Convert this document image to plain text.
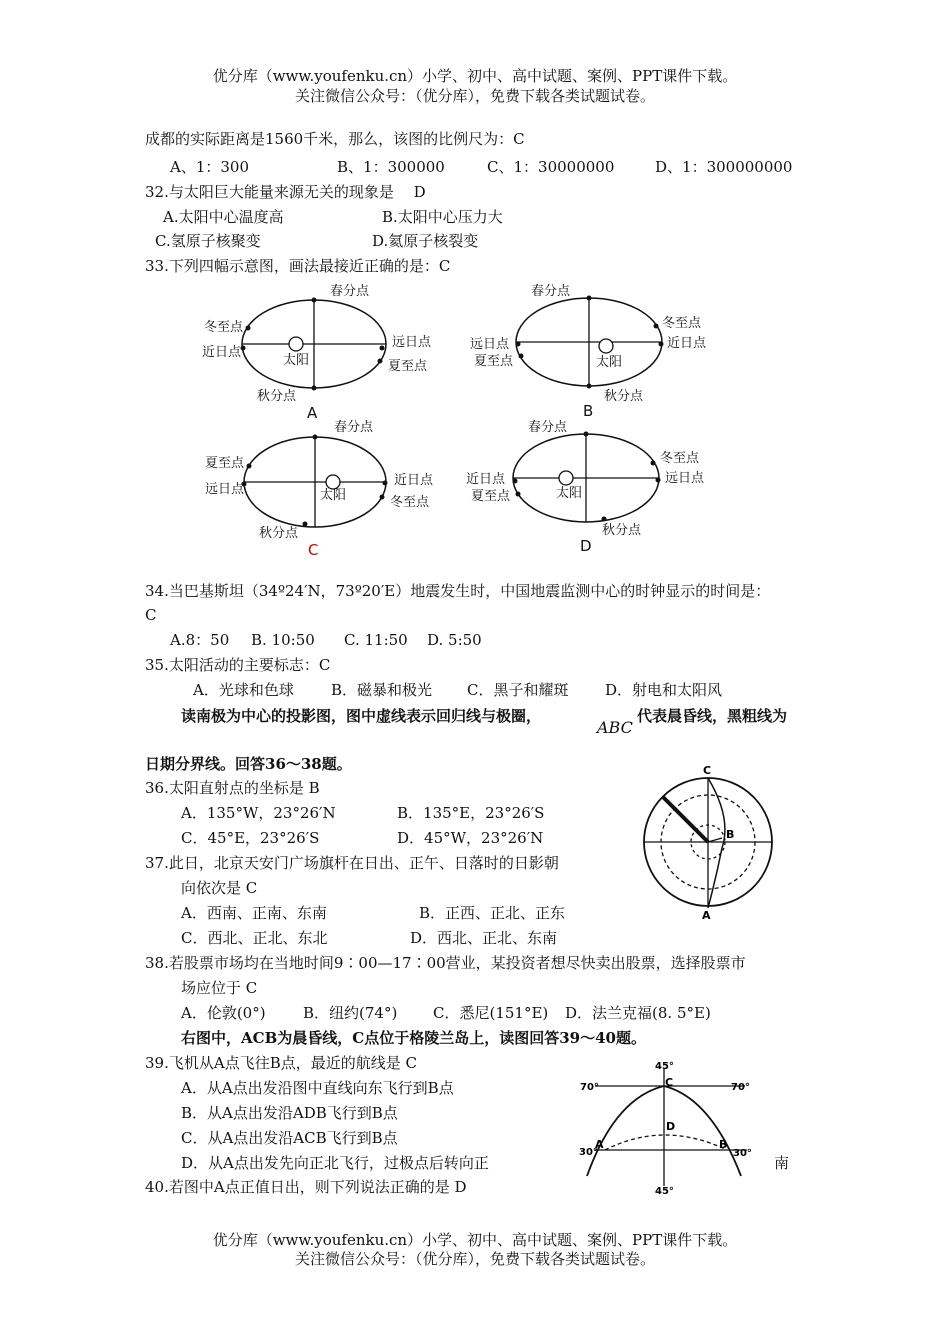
优分库（www.youfenku.cn）小学、初中、高中试题、案例、PPT课件下载。
关注微信公众号：（优分库），免费下载各类试题试卷。
成都的实际距离是1560千米，那么，该图的比例尺为：C
A、1：300	B、1：300000	C、1：30000000	D、1：300000000
32.与太阳巨大能量来源无关的现象是　 D
A.太阳中心温度高	B.太阳中心压力大
C.氢原子核聚变	D.氦原子核裂变
33.下列四幅示意图，画法最接近正确的是：C
春分点
冬至点
近日点
远日点
夏至点
秋分点
太阳
A
春分点
冬至点
近日点
远日点
夏至点
秋分点
太阳
B
春分点
夏至点
远日点
近日点
冬至点
秋分点
太阳
C
春分点
冬至点
远日点
近日点
夏至点
秋分点
太阳
D
34.当巴基斯坦（34º24′N，73º20′E）地震发生时，中国地震监测中心的时钟显示的时间是：
C
A.8：50 B. 10:50 C. 11:50 D. 5:50
35.太阳活动的主要标志：C
A．光球和色球 B．磁暴和极光 C．黑子和耀斑 D．射电和太阳风
读南极为中心的投影图，图中虚线表示回归线与极圈，
ABC
代表晨昏线，黑粗线为
日期分界线。回答36～38题。
36.太阳直射点的坐标是 B
A．135°W，23°26′N	B．135°E，23°26′S
C．45°E，23°26′S	D．45°W，23°26′N
37.此日，北京天安门广场旗杆在日出、正午、日落时的日影朝
向依次是 C
A．西南、正南、东南	B．正西、正北、正东
C．西北、正北、东北	D．西北、正北、东南
C
B
A
38.若股票市场均在当地时间9∶00—17∶00营业，某投资者想尽快卖出股票，选择股票市
场应位于 C
A．伦敦(0°) B．纽约(74°) C．悉尼(151°E) D．法兰克福(8. 5°E)
右图中，ACB为晨昏线，C点位于格陵兰岛上，读图回答39～40题。
39.飞机从A点飞往B点，最近的航线是 C
A．从A点出发沿图中直线向东飞行到B点
B．从A点出发沿ADB飞行到B点
C．从A点出发沿ACB飞行到B点
D．从A点出发先向正北飞行，过极点后转向正	南
45°
70°	70°
30°	30°
A	B
C
D
45°
40.若图中A点正值日出，则下列说法正确的是 D
优分库（www.youfenku.cn）小学、初中、高中试题、案例、PPT课件下载。
关注微信公众号：（优分库），免费下载各类试题试卷。
